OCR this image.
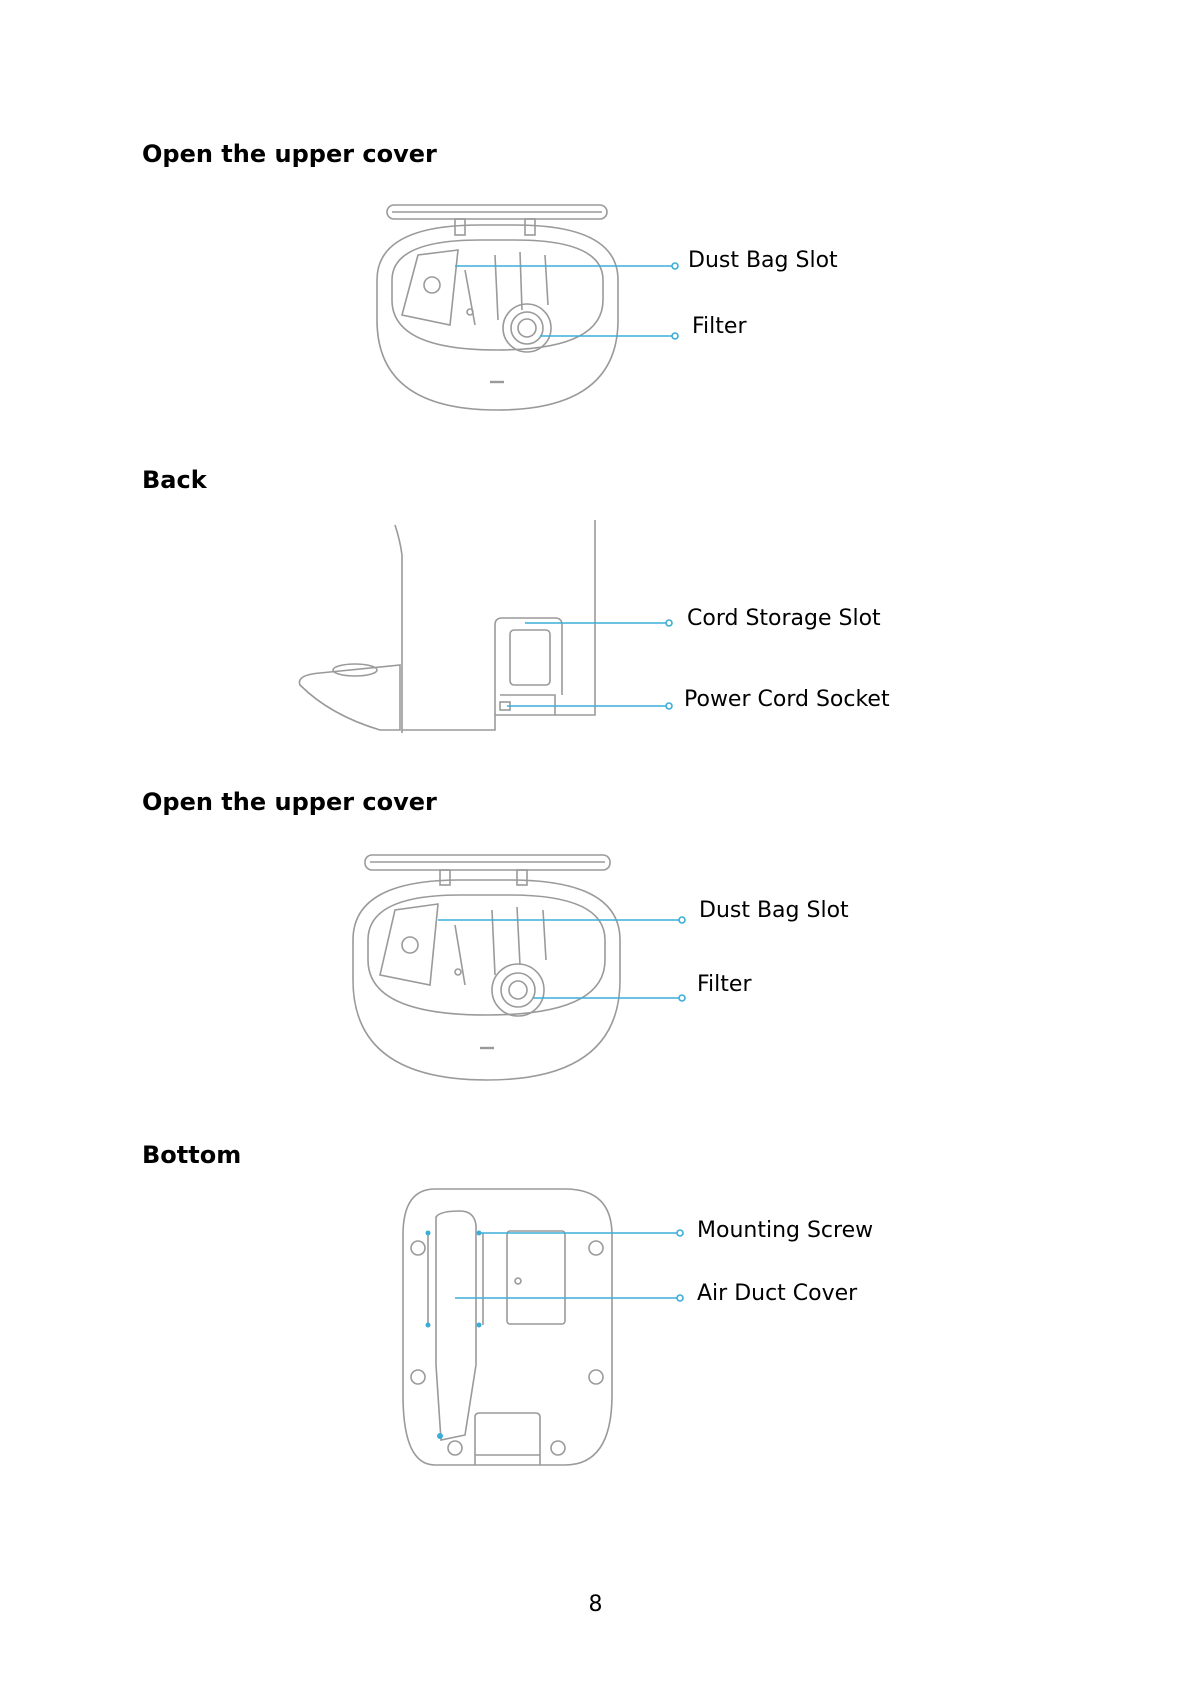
Open the upper cover
Dust Bag Slot
Filter
Back
Cord Storage Slot
Power Cord Socket
Open the upper cover
Dust Bag Slot
Filter
Bottom
Mounting Screw
Air Duct Cover
8
